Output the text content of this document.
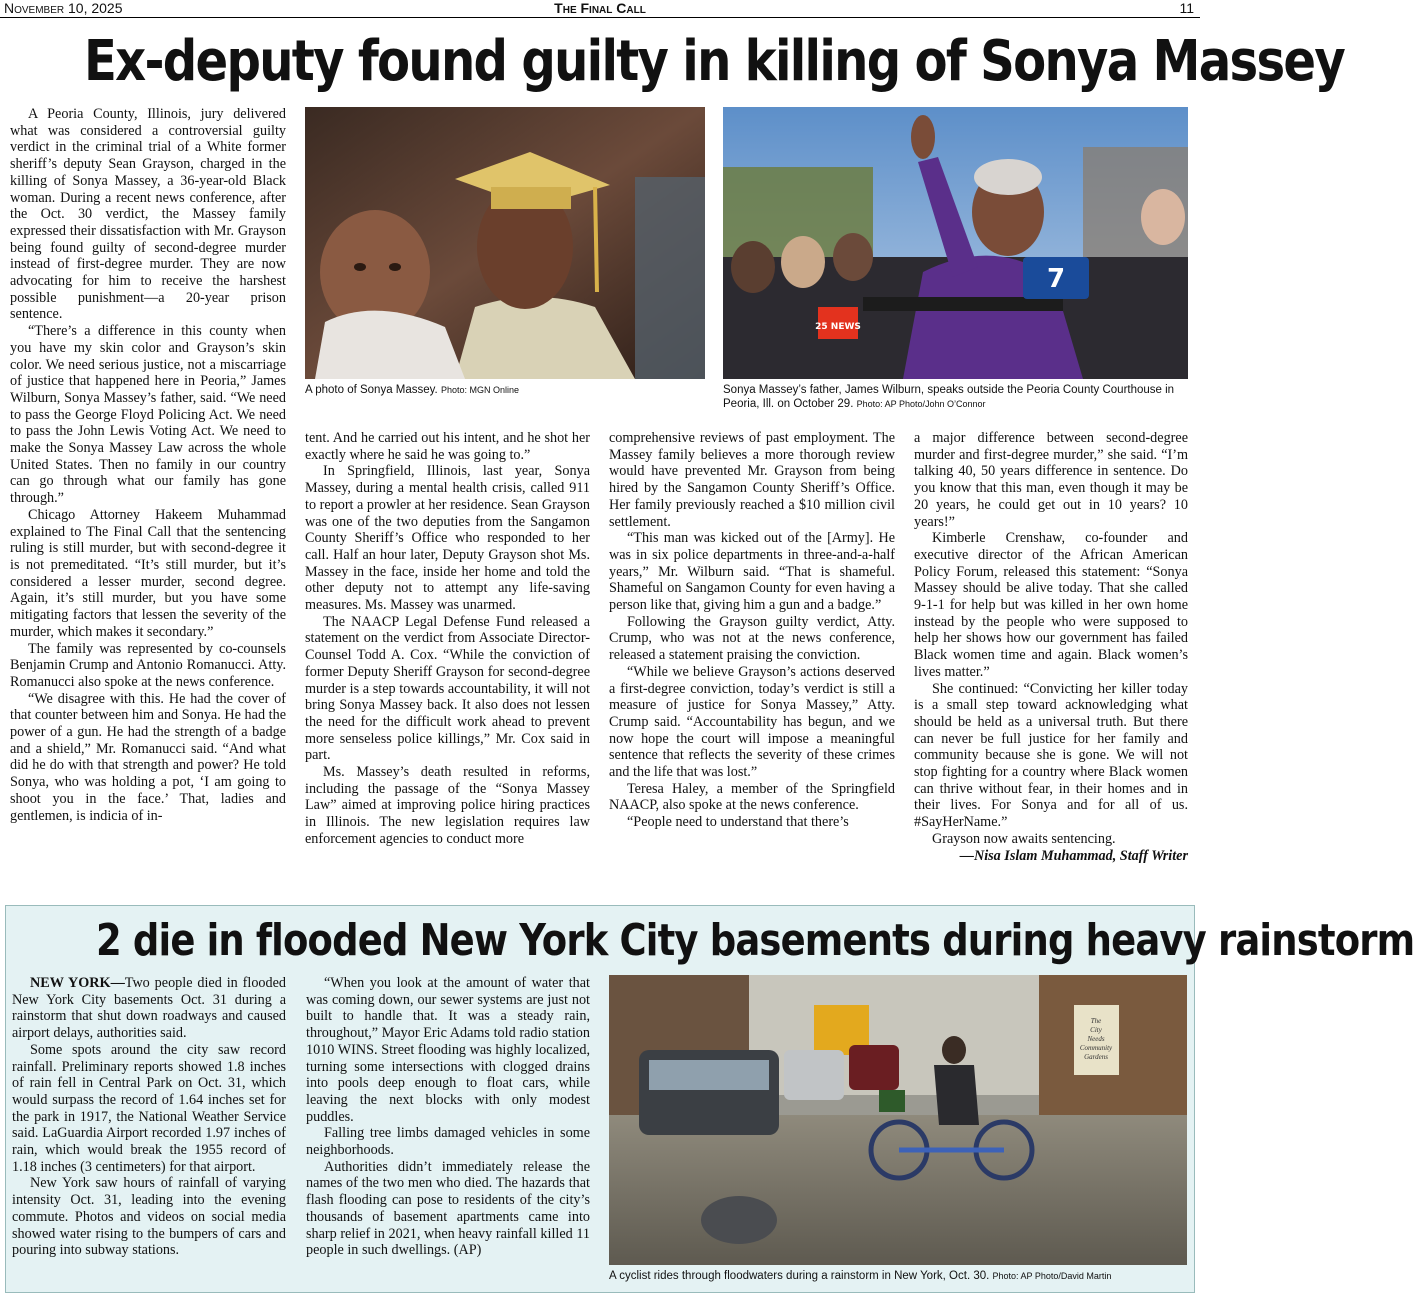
November 10, 2025	The Final Call	11
Ex-deputy found guilty in killing of Sonya Massey

A Peoria County, Illinois, jury delivered what was considered a controversial guilty verdict in the criminal trial of a White former sheriff’s deputy Sean Grayson, charged in the killing of Sonya Massey, a 36-year-old Black woman. During a recent news conference, after the Oct. 30 verdict, the Massey family expressed their dissatisfaction with Mr. Grayson being found guilty of second-degree murder instead of first-degree murder. They are now advocating for him to receive the harshest possible punishment—a 20-year prison sentence.

“There’s a difference in this county when you have my skin color and Grayson’s skin color. We need serious justice, not a miscarriage of justice that happened here in Peoria,” James Wilburn, Sonya Massey’s father, said. “We need to pass the George Floyd Policing Act. We need to pass the John Lewis Voting Act. We need to make the Sonya Massey Law across the whole United States. Then no family in our country can go through what our family has gone through.”

Chicago Attorney Hakeem Muhammad explained to The Final Call that the sentencing ruling is still murder, but with second-degree it is not premeditated. “It’s still murder, but it’s considered a lesser murder, second degree. Again, it’s still murder, but you have some mitigating factors that lessen the severity of the murder, which makes it secondary.”

The family was represented by co-counsels Benjamin Crump and Antonio Romanucci. Atty. Romanucci also spoke at the news conference.

“We disagree with this. He had the cover of that counter between him and Sonya. He had the power of a gun. He had the strength of a badge and a shield,” Mr. Romanucci said. “And what did he do with that strength and power? He told Sonya, who was holding a pot, ‘I am going to shoot you in the face.’ That, ladies and gentlemen, is indicia of in-

A photo of Sonya Massey. Photo: MGN Online
7
25 NEWS
Sonya Massey’s father, James Wilburn, speaks outside the Peoria County Courthouse in Peoria, Ill. on October 29. Photo: AP Photo/John O’Connor

tent. And he carried out his intent, and he shot her exactly where he said he was going to.”

In Springfield, Illinois, last year, Sonya Massey, during a mental health crisis, called 911 to report a prowler at her residence. Sean Grayson was one of the two deputies from the Sangamon County Sheriff’s Office who responded to her call. Half an hour later, Deputy Grayson shot Ms. Massey in the face, inside her home and told the other deputy not to attempt any life-saving measures. Ms. Massey was unarmed.

The NAACP Legal Defense Fund released a statement on the verdict from Associate Director-Counsel Todd A. Cox. “While the conviction of former Deputy Sheriff Grayson for second-degree murder is a step towards accountability, it will not bring Sonya Massey back. It also does not lessen the need for the difficult work ahead to prevent more senseless police killings,” Mr. Cox said in part.

Ms. Massey’s death resulted in reforms, including the passage of the “Sonya Massey Law” aimed at improving police hiring practices in Illinois. The new legislation requires law enforcement agencies to conduct more

comprehensive reviews of past employment. The Massey family believes a more thorough review would have prevented Mr. Grayson from being hired by the Sangamon County Sheriff’s Office. Her family previously reached a $10 million civil settlement.

“This man was kicked out of the [Army]. He was in six police departments in three-and-a-half years,” Mr. Wilburn said. “That is shameful. Shameful on Sangamon County for even having a person like that, giving him a gun and a badge.”

Following the Grayson guilty verdict, Atty. Crump, who was not at the news conference, released a statement praising the conviction.

“While we believe Grayson’s actions deserved a first-degree conviction, today’s verdict is still a measure of justice for Sonya Massey,” Atty. Crump said. “Accountability has begun, and we now hope the court will impose a meaningful sentence that reflects the severity of these crimes and the life that was lost.”

Teresa Haley, a member of the Springfield NAACP, also spoke at the news conference.

“People need to understand that there’s

a major difference between second-degree murder and first-degree murder,” she said. “I’m talking 40, 50 years difference in sentence. Do you know that this man, even though it may be 20 years, he could get out in 10 years? 10 years!”

Kimberle Crenshaw, co-founder and executive director of the African American Policy Forum, released this statement: “Sonya Massey should be alive today. That she called 9-1-1 for help but was killed in her own home instead by the people who were supposed to help her shows how our government has failed Black women time and again. Black women’s lives matter.”

She continued: “Convicting her killer today is a small step toward acknowledging what should be held as a universal truth. But there can never be full justice for her family and community because she is gone. We will not stop fighting for a country where Black women can thrive without fear, in their homes and in their lives. For Sonya and for all of us. #SayHerName.”

Grayson now awaits sentencing.

—Nisa Islam Muhammad, Staff Writer

2 die in flooded New York City basements during heavy rainstorm

NEW YORK—Two people died in flooded New York City basements Oct. 31 during a rainstorm that shut down roadways and caused airport delays, authorities said.

Some spots around the city saw record rainfall. Preliminary reports showed 1.8 inches of rain fell in Central Park on Oct. 31, which would surpass the record of 1.64 inches set for the park in 1917, the National Weather Service said. LaGuardia Airport recorded 1.97 inches of rain, which would break the 1955 record of 1.18 inches (3 centimeters) for that airport.

New York saw hours of rainfall of varying intensity Oct. 31, leading into the evening commute. Photos and videos on social media showed water rising to the bumpers of cars and pouring into subway stations.

“When you look at the amount of water that was coming down, our sewer systems are just not built to handle that. It was a steady rain, throughout,” Mayor Eric Adams told radio station 1010 WINS. Street flooding was highly localized, turning some intersections with clogged drains into pools deep enough to float cars, while leaving the next blocks with only modest puddles.

Falling tree limbs damaged vehicles in some neighborhoods.

Authorities didn’t immediately release the names of the two men who died. The hazards that flash flooding can pose to residents of the city’s thousands of basement apartments came into sharp relief in 2021, when heavy rainfall killed 11 people in such dwellings. (AP)

The City Needs Community Gardens
A cyclist rides through floodwaters during a rainstorm in New York, Oct. 30. Photo: AP Photo/David Martin
